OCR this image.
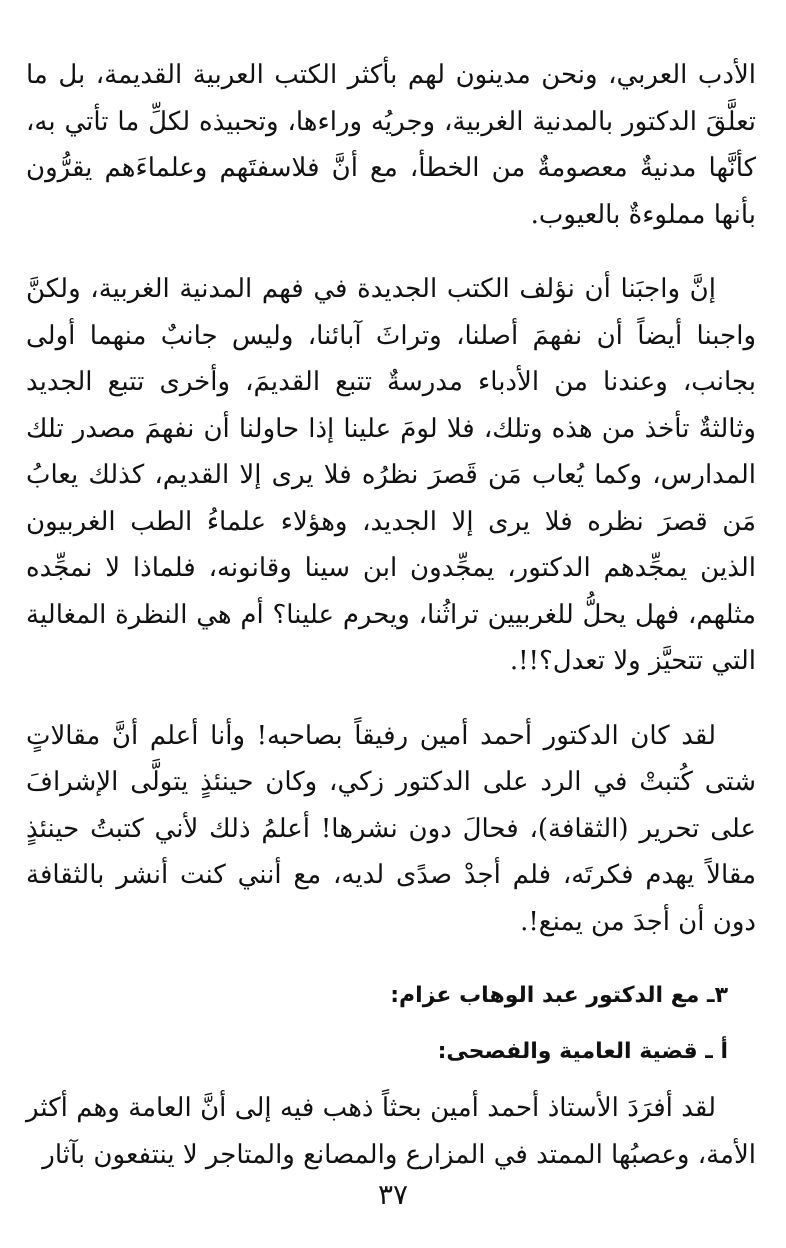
الأدب العربي، ونحن مدينون لهم بأكثر الكتب العربية القديمة، بل ما تعلَّقَ الدكتور بالمدنية الغربية، وجريُه وراءها، وتحبيذه لكلِّ ما تأتي به، كأنَّها مدنيةٌ معصومةٌ من الخطأ، مع أنَّ فلاسفتَهم وعلماءَهم يقرُّون بأنها مملوءةٌ بالعيوب.

إنَّ واجبَنا أن نؤلف الكتب الجديدة في فهم المدنية الغربية، ولكنَّ واجبنا أيضاً أن نفهمَ أصلنا، وتراثَ آبائنا، وليس جانبٌ منهما أولى بجانب، وعندنا من الأدباء مدرسةٌ تتبع القديمَ، وأخرى تتبع الجديد وثالثةٌ تأخذ من هذه وتلك، فلا لومَ علينا إذا حاولنا أن نفهمَ مصدر تلك المدارس، وكما يُعاب مَن قَصرَ نظرُه فلا يرى إلا القديم، كذلك يعابُ مَن قصرَ نظره فلا يرى إلا الجديد، وهؤلاء علماءُ الطب الغربيون الذين يمجِّدهم الدكتور، يمجِّدون ابن سينا وقانونه، فلماذا لا نمجِّده مثلهم، فهل يحلُّ للغربيين تراثُنا، ويحرم علينا؟ أم هي النظرة المغالية التي تتحيَّز ولا تعدل؟!!.

لقد كان الدكتور أحمد أمين رفيقاً بصاحبه! وأنا أعلم أنَّ مقالاتٍ شتى كُتبتْ في الرد على الدكتور زكي، وكان حينئذٍ يتولَّى الإشرافَ على تحرير (الثقافة)، فحالَ دون نشرها! أعلمُ ذلك لأني كتبتُ حينئذٍ مقالاً يهدم فكرتَه، فلم أجدْ صدًى لديه، مع أنني كنت أنشر بالثقافة دون أن أجدَ من يمنع!.

٣ـ مع الدكتور عبد الوهاب عزام:
أ ـ قضية العامية والفصحى:

لقد أفرَدَ الأستاذ أحمد أمين بحثاً ذهب فيه إلى أنَّ العامة وهم أكثر الأمة، وعصبُها الممتد في المزارع والمصانع والمتاجر لا ينتفعون بآثار

٣٧
